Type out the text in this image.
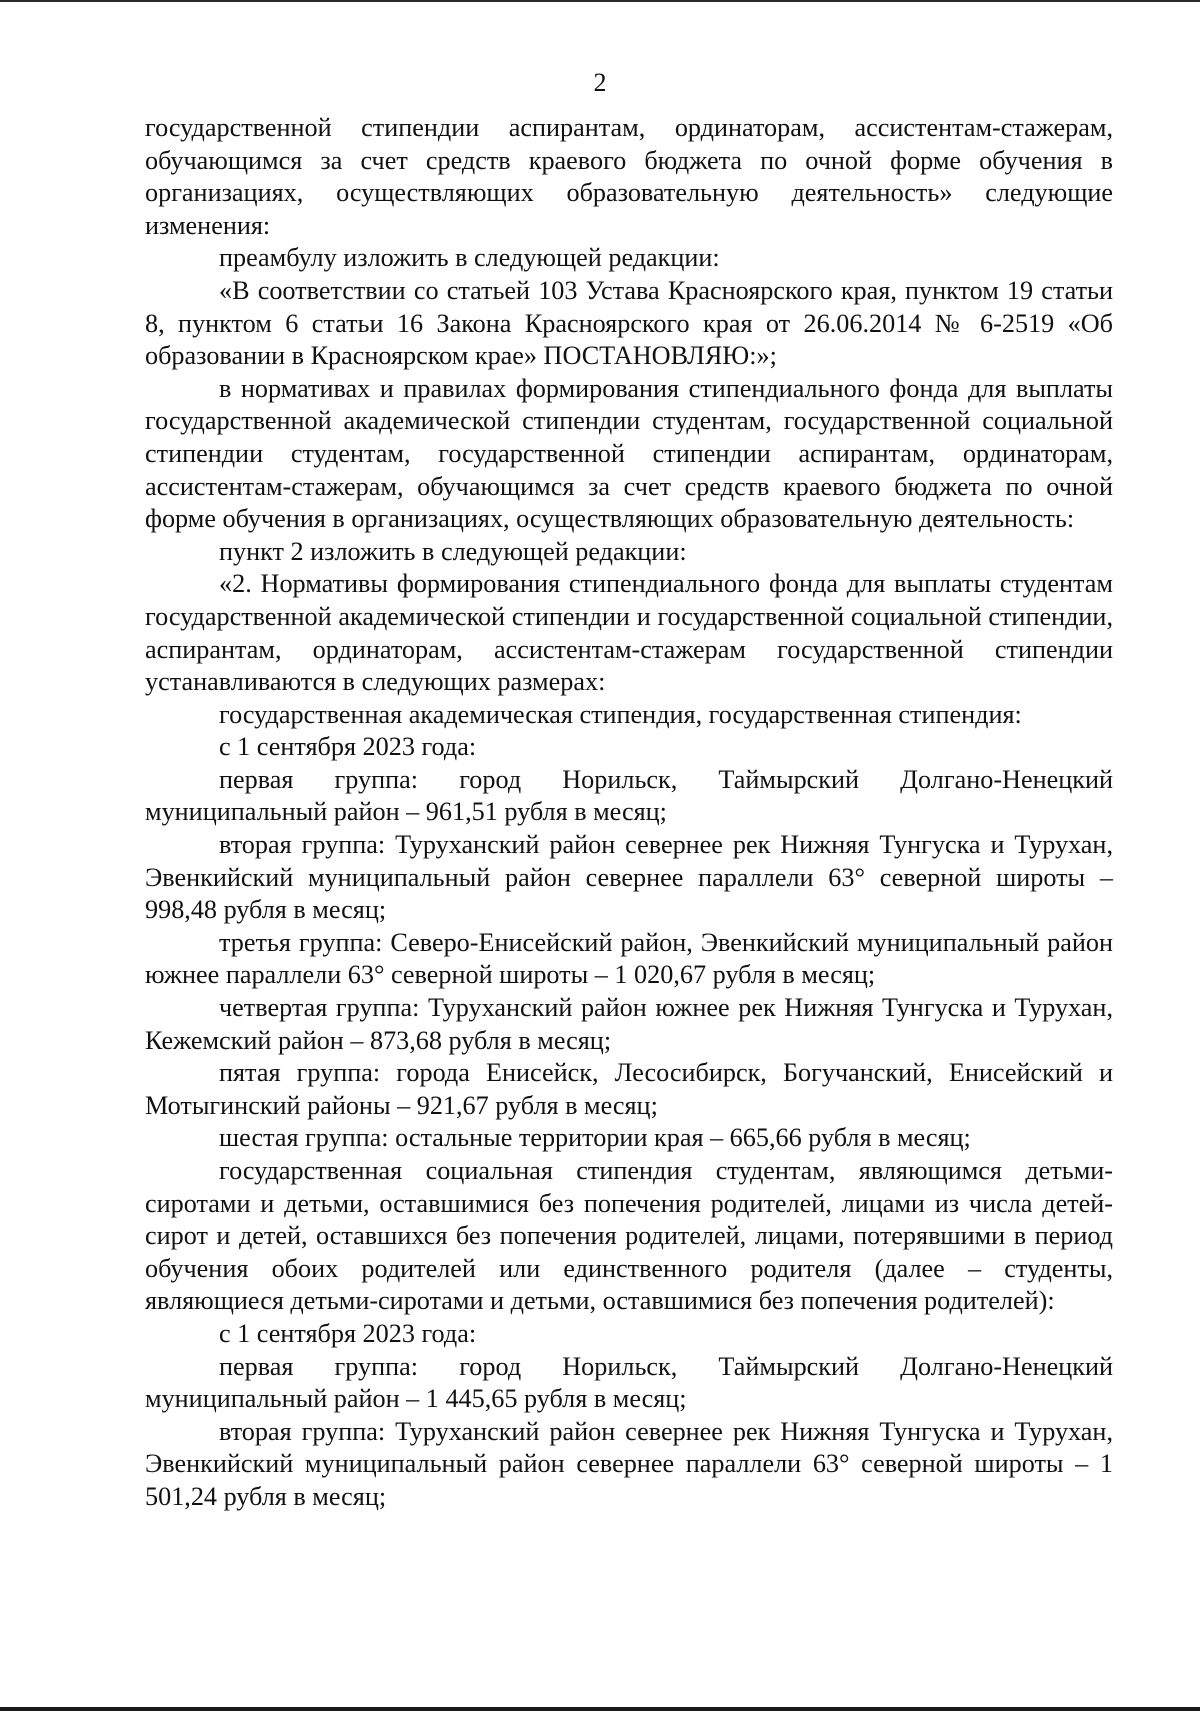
2

государственной стипендии аспирантам, ординаторам, ассистентам-стажерам, обучающимся за счет средств краевого бюджета по очной форме обучения в организациях, осуществляющих образовательную деятельность» следующие изменения:

преамбулу изложить в следующей редакции:

«В соответствии со статьей 103 Устава Красноярского края, пунктом 19 статьи 8, пунктом 6 статьи 16 Закона Красноярского края от 26.06.2014 № 6-2519 «Об образовании в Красноярском крае» ПОСТАНОВЛЯЮ:»;

в нормативах и правилах формирования стипендиального фонда для выплаты государственной академической стипендии студентам, государственной социальной стипендии студентам, государственной стипендии аспирантам, ординаторам, ассистентам-стажерам, обучающимся за счет средств краевого бюджета по очной форме обучения в организациях, осуществляющих образовательную деятельность:

пункт 2 изложить в следующей редакции:

«2. Нормативы формирования стипендиального фонда для выплаты студентам государственной академической стипендии и государственной социальной стипендии, аспирантам, ординаторам, ассистентам-стажерам государственной стипендии устанавливаются в следующих размерах:

государственная академическая стипендия, государственная стипендия:

с 1 сентября 2023 года:

первая группа: город Норильск, Таймырский Долгано-Ненецкий муниципальный район – 961,51 рубля в месяц;

вторая группа: Туруханский район севернее рек Нижняя Тунгуска и Турухан, Эвенкийский муниципальный район севернее параллели 63° северной широты – 998,48 рубля в месяц;

третья группа: Северо-Енисейский район, Эвенкийский муниципальный район южнее параллели 63° северной широты – 1 020,67 рубля в месяц;

четвертая группа: Туруханский район южнее рек Нижняя Тунгуска и Турухан, Кежемский район – 873,68 рубля в месяц;

пятая группа: города Енисейск, Лесосибирск, Богучанский, Енисейский и Мотыгинский районы – 921,67 рубля в месяц;

шестая группа: остальные территории края – 665,66 рубля в месяц;

государственная социальная стипендия студентам, являющимся детьми-сиротами и детьми, оставшимися без попечения родителей, лицами из числа детей-сирот и детей, оставшихся без попечения родителей, лицами, потерявшими в период обучения обоих родителей или единственного родителя (далее – студенты, являющиеся детьми-сиротами и детьми, оставшимися без попечения родителей):

с 1 сентября 2023 года:

первая группа: город Норильск, Таймырский Долгано-Ненецкий муниципальный район – 1 445,65 рубля в месяц;

вторая группа: Туруханский район севернее рек Нижняя Тунгуска и Турухан, Эвенкийский муниципальный район севернее параллели 63° северной широты – 1 501,24 рубля в месяц;
